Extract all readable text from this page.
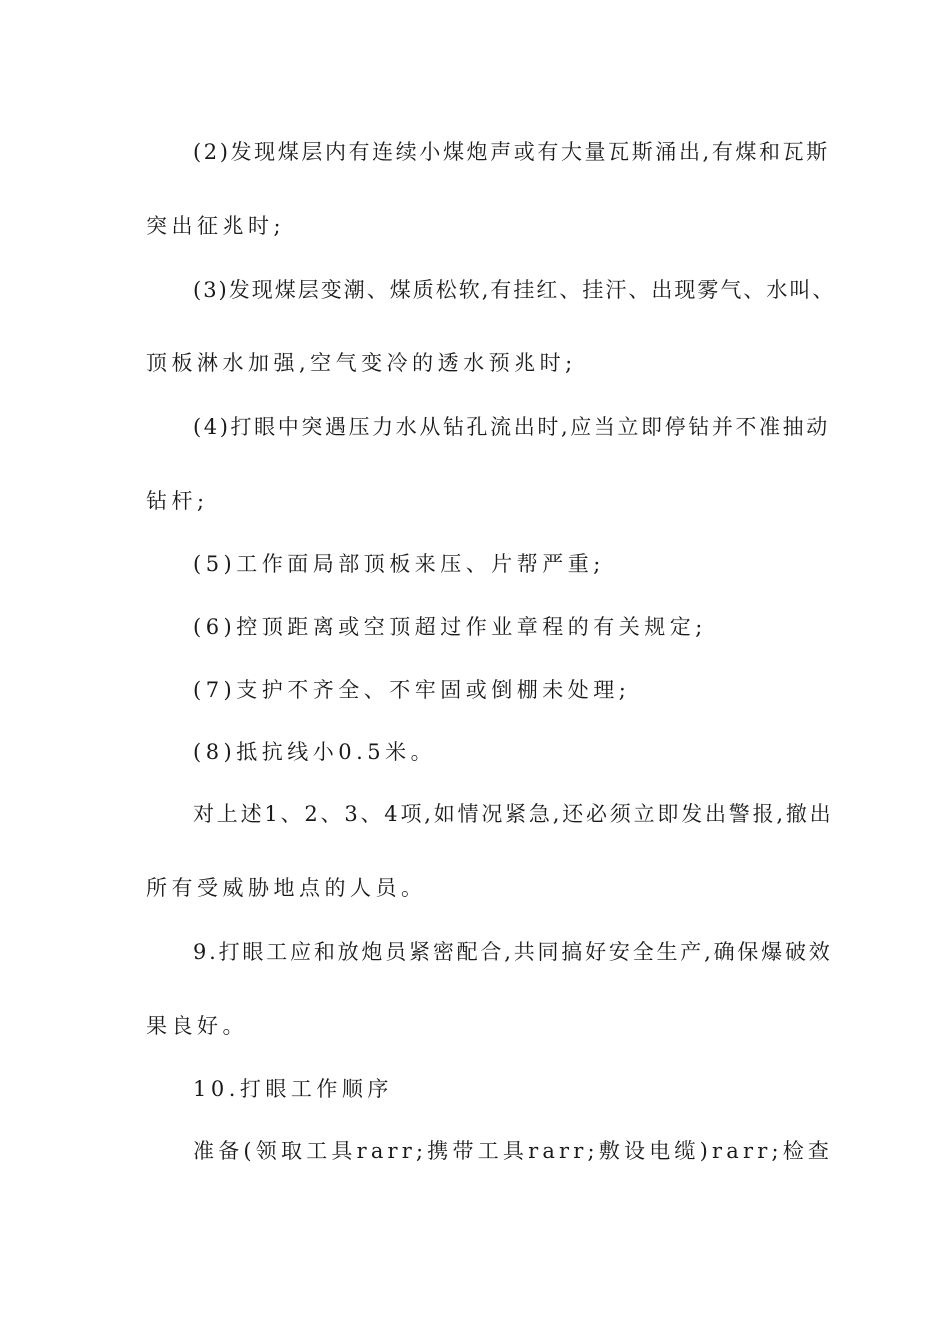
(2)发现煤层内有连续小煤炮声或有大量瓦斯涌出,有煤和瓦斯
突出征兆时;
(3)发现煤层变潮、煤质松软,有挂红、挂汗、出现雾气、水叫、
顶板淋水加强,空气变冷的透水预兆时;
(4)打眼中突遇压力水从钻孔流出时,应当立即停钻并不准抽动
钻杆;
(5)工作面局部顶板来压、片帮严重;
(6)控顶距离或空顶超过作业章程的有关规定;
(7)支护不齐全、不牢固或倒棚未处理;
(8)抵抗线小0.5米。
对上述1、2、3、4项,如情况紧急,还必须立即发出警报,撤出
所有受威胁地点的人员。
9.打眼工应和放炮员紧密配合,共同搞好安全生产,确保爆破效
果良好。
10.打眼工作顺序
准备(领取工具rarr;携带工具rarr;敷设电缆)rarr;检查
